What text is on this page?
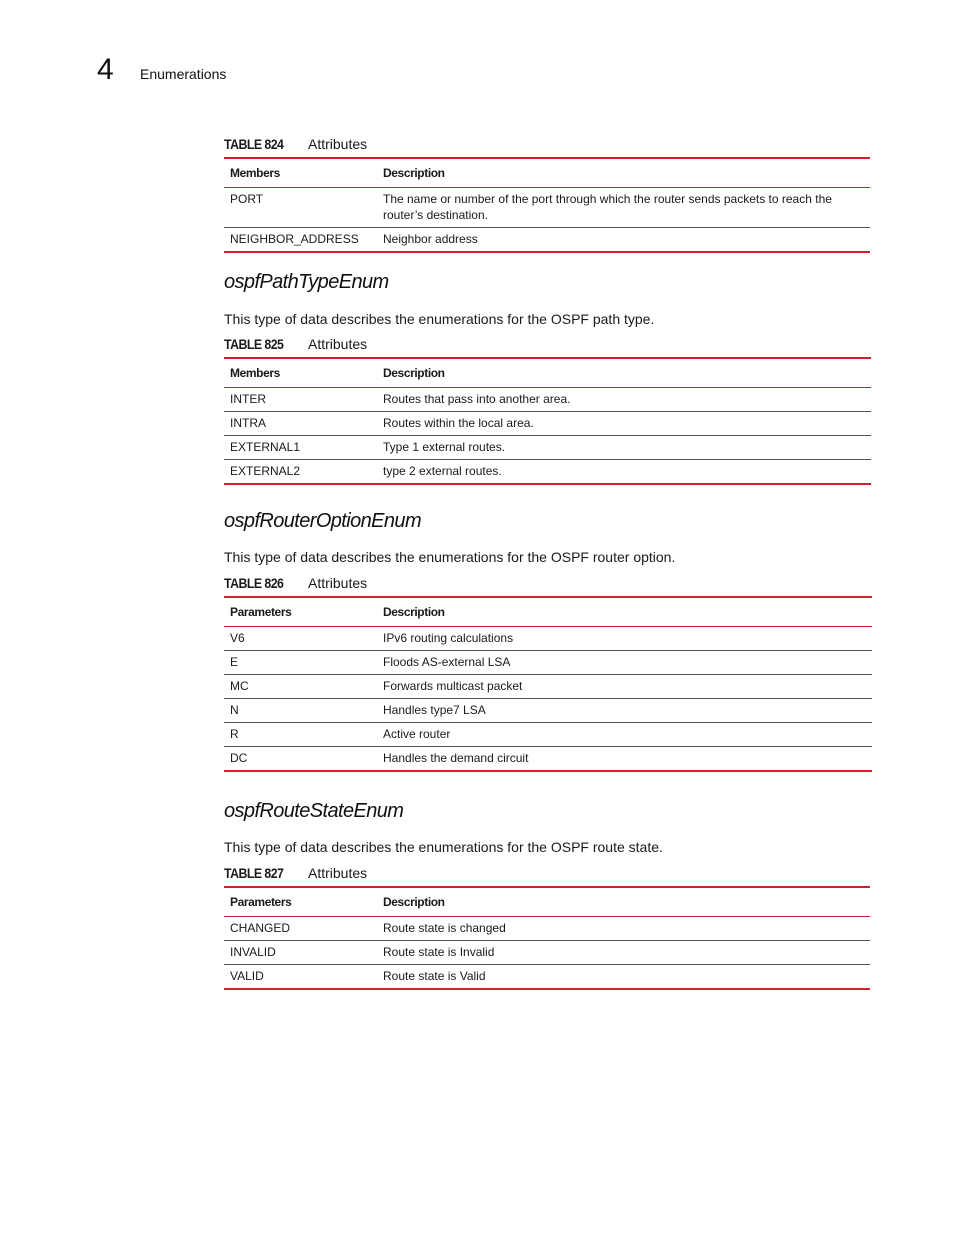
4 Enumerations
TABLE 824	Attributes
Members	Description
PORT	The name or number of the port through which the router sends packets to reach the router’s destination.
NEIGHBOR_ADDRESS	Neighbor address
ospfPathTypeEnum
This type of data describes the enumerations for the OSPF path type.
TABLE 825	Attributes
Members	Description
INTER	Routes that pass into another area.
INTRA	Routes within the local area.
EXTERNAL1	Type 1 external routes.
EXTERNAL2	type 2 external routes.
ospfRouterOptionEnum
This type of data describes the enumerations for the OSPF router option.
TABLE 826	Attributes
Parameters	Description
V6	IPv6 routing calculations
E	Floods AS-external LSA
MC	Forwards multicast packet
N	Handles type7 LSA
R	Active router
DC	Handles the demand circuit
ospfRouteStateEnum
This type of data describes the enumerations for the OSPF route state.
TABLE 827	Attributes
Parameters	Description
CHANGED	Route state is changed
INVALID	Route state is Invalid
VALID	Route state is Valid
